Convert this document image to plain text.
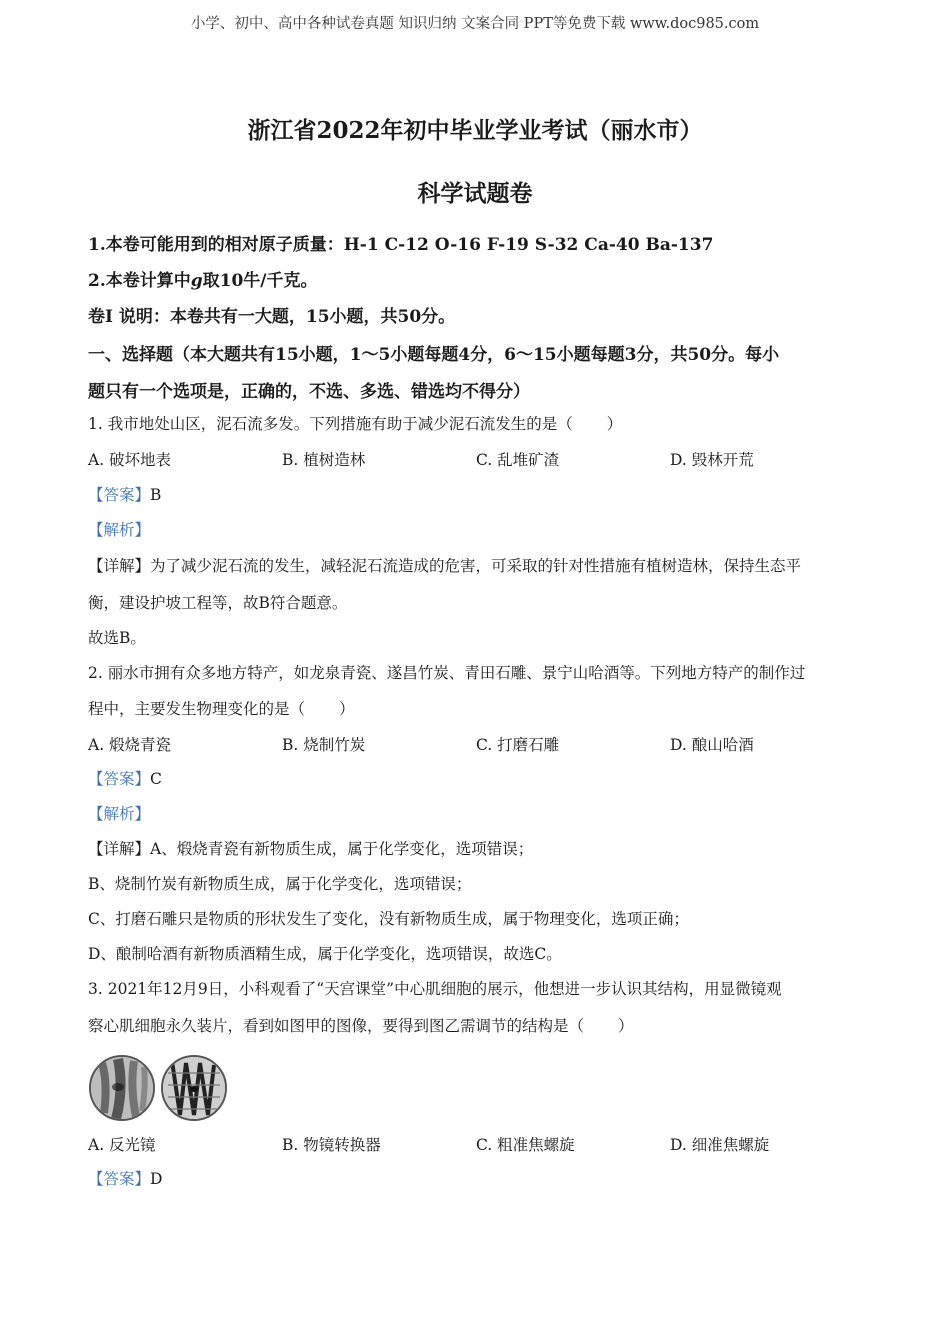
小学、初中、高中各种试卷真题 知识归纳 文案合同 PPT等免费下载 www.doc985.com
浙江省2022年初中毕业学业考试（丽水市）
科学试题卷
1.本卷可能用到的相对原子质量：H-1 C-12 O-16 F-19 S-32 Ca-40 Ba-137
2.本卷计算中g取10牛/千克。
卷Ⅰ 说明：本卷共有一大题，15小题，共50分。
一、选择题（本大题共有15小题，1～5小题每题4分，6～15小题每题3分，共50分。每小
题只有一个选项是，正确的，不选、多选、错选均不得分）
1. 我市地处山区，泥石流多发。下列措施有助于减少泥石流发生的是（ ）
A. 破坏地表	B. 植树造林	C. 乱堆矿渣	D. 毁林开荒
【答案】B
【解析】
【详解】为了减少泥石流的发生，减轻泥石流造成的危害，可采取的针对性措施有植树造林，保持生态平
衡，建设护坡工程等，故B符合题意。
故选B。
2. 丽水市拥有众多地方特产，如龙泉青瓷、遂昌竹炭、青田石雕、景宁山哈酒等。下列地方特产的制作过
程中，主要发生物理变化的是（ ）
A. 煅烧青瓷	B. 烧制竹炭	C. 打磨石雕	D. 酿山哈酒
【答案】C
【解析】
【详解】A、煅烧青瓷有新物质生成，属于化学变化，选项错误；
B、烧制竹炭有新物质生成，属于化学变化，选项错误；
C、打磨石雕只是物质的形状发生了变化，没有新物质生成，属于物理变化，选项正确；
D、酿制哈酒有新物质酒精生成，属于化学变化，选项错误，故选C。
3. 2021年12月9日，小科观看了“天宫课堂”中心肌细胞的展示，他想进一步认识其结构，用显微镜观
察心肌细胞永久装片，看到如图甲的图像，要得到图乙需调节的结构是（ ）
A. 反光镜	B. 物镜转换器	C. 粗准焦螺旋	D. 细准焦螺旋
【答案】D
